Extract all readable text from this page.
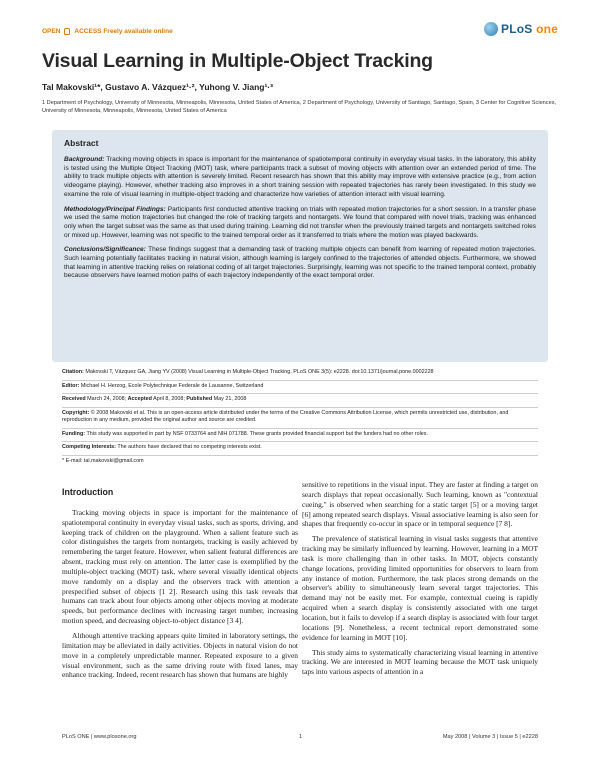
OPEN ACCESS Freely available online	PLoS one
Visual Learning in Multiple-Object Tracking
Tal Makovski¹*, Gustavo A. Vázquez¹·², Yuhong V. Jiang¹·³
1 Department of Psychology, University of Minnesota, Minneapolis, Minnesota, United States of America, 2 Department of Psychology, University of Santiago, Santiago, Spain, 3 Center for Cognitive Sciences, University of Minnesota, Minneapolis, Minnesota, United States of America
Abstract

Background: Tracking moving objects in space is important for the maintenance of spatiotemporal continuity in everyday visual tasks. In the laboratory, this ability is tested using the Multiple Object Tracking (MOT) task, where participants track a subset of moving objects with attention over an extended period of time. The ability to track multiple objects with attention is severely limited. Recent research has shown that this ability may improve with extensive practice (e.g., from action videogame playing). However, whether tracking also improves in a short training session with repeated trajectories has rarely been investigated. In this study we examine the role of visual learning in multiple-object tracking and characterize how varieties of attention interact with visual learning.

Methodology/Principal Findings: Participants first conducted attentive tracking on trials with repeated motion trajectories for a short session. In a transfer phase we used the same motion trajectories but changed the role of tracking targets and nontargets. We found that compared with novel trials, tracking was enhanced only when the target subset was the same as that used during training. Learning did not transfer when the previously trained targets and nontargets switched roles or mixed up. However, learning was not specific to the trained temporal order as it transferred to trials where the motion was played backwards.

Conclusions/Significance: These findings suggest that a demanding task of tracking multiple objects can benefit from learning of repeated motion trajectories. Such learning potentially facilitates tracking in natural vision, although learning is largely confined to the trajectories of attended objects. Furthermore, we showed that learning in attentive tracking relies on relational coding of all target trajectories. Surprisingly, learning was not specific to the trained temporal context, probably because observers have learned motion paths of each trajectory independently of the exact temporal order.

Citation: Makovski T, Vázquez GA, Jiang YV (2008) Visual Learning in Multiple-Object Tracking. PLoS ONE 3(5): e2228. doi:10.1371/journal.pone.0002228
Editor: Michael H. Herzog, Ecole Polytechnique Federale de Lausanne, Switzerland
Received March 24, 2008; Accepted April 8, 2008; Published May 21, 2008
Copyright: © 2008 Makovski et al. This is an open-access article distributed under the terms of the Creative Commons Attribution License, which permits unrestricted use, distribution, and reproduction in any medium, provided the original author and source are credited.
Funding: This study was supported in part by NSF 0733764 and NIH 071788. These grants provided financial support but the funders had no other roles.
Competing Interests: The authors have declared that no competing interests exist.
* E-mail: tal.makovski@gmail.com
Introduction

Tracking moving objects in space is important for the maintenance of spatiotemporal continuity in everyday visual tasks, such as sports, driving, and keeping track of children on the playground. When a salient feature such as color distinguishes the targets from nontargets, tracking is easily achieved by remembering the target feature. However, when salient featural differences are absent, tracking must rely on attention. The latter case is exemplified by the multiple-object tracking (MOT) task, where several visually identical objects move randomly on a display and the observers track with attention a prespecified subset of objects [1 2]. Research using this task reveals that humans can track about four objects among other objects moving at moderate speeds, but performance declines with increasing target number, increasing motion speed, and decreasing object-to-object distance [3 4].

Although attentive tracking appears quite limited in laboratory settings, the limitation may be alleviated in daily activities. Objects in natural vision do not move in a completely unpredictable manner. Repeated exposure to a given visual environment, such as the same driving route with fixed lanes, may enhance tracking. Indeed, recent research has shown that humans are highly

sensitive to repetitions in the visual input. They are faster at finding a target on search displays that repeat occasionally. Such learning, known as "contextual cueing," is observed when searching for a static target [5] or a moving target [6] among repeated search displays. Visual associative learning is also seen for shapes that frequently co-occur in space or in temporal sequence [7 8].

The prevalence of statistical learning in visual tasks suggests that attentive tracking may be similarly influenced by learning. However, learning in a MOT task is more challenging than in other tasks. In MOT, objects constantly change locations, providing limited opportunities for observers to learn from any instance of motion. Furthermore, the task places strong demands on the observer's ability to simultaneously learn several target trajectories. This demand may not be easily met. For example, contextual cueing is rapidly acquired when a search display is consistently associated with one target location, but it fails to develop if a search display is associated with four target locations [9]. Nonetheless, a recent technical report demonstrated some evidence for learning in MOT [10].

This study aims to systematically characterizing visual learning in attentive tracking. We are interested in MOT learning because the MOT task uniquely taps into various aspects of attention in a

PLoS ONE | www.plosone.org	1	May 2008 | Volume 3 | Issue 5 | e2228
